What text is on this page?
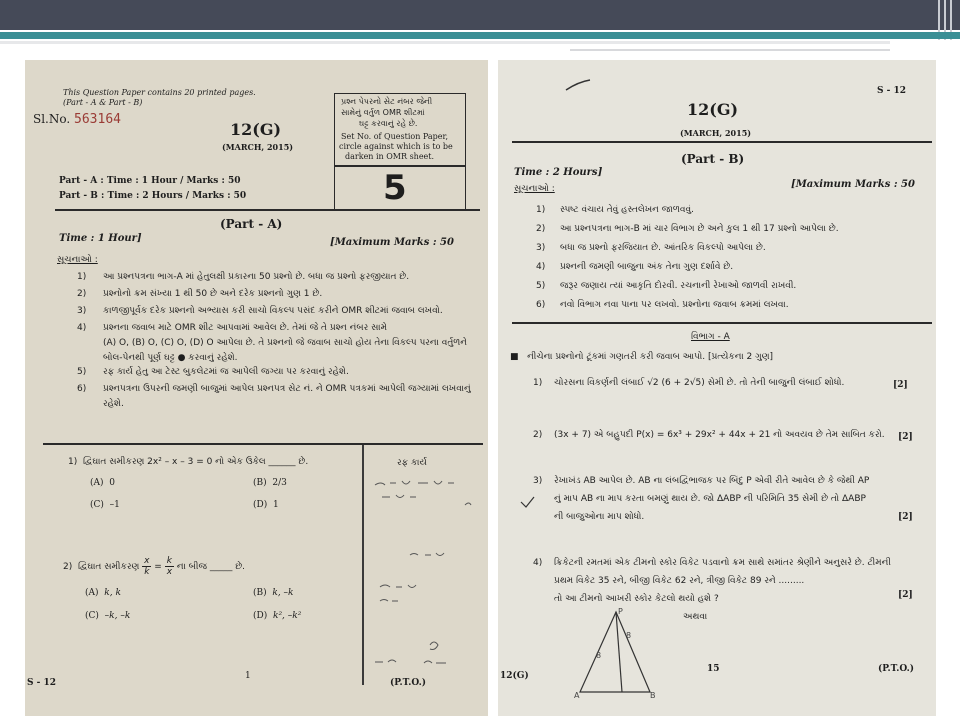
This Question Paper contains 20 printed pages.
(Part - A & Part - B)
Sl.No. 563164
12(G)
(MARCH, 2015)
પ્રશ્ન પેપરનો સેટ નંબર જેની
સામેનું વર્તુળ OMR શીટમાં
ઘટ્ટ કરવાનું રહે છે.
Set No. of Question Paper,
circle against which is to be
darken in OMR sheet.
5
Part - A : Time : 1 Hour / Marks : 50
Part - B : Time : 2 Hours / Marks : 50
(Part - A)
Time : 1 Hour]	[Maximum Marks : 50
સૂચનાઓ :
1) આ પ્રશ્નપત્રના ભાગ-A માં હેતુલક્ષી પ્રકારના 50 પ્રશ્નો છે. બધા જ પ્રશ્નો ફરજીયાત છે.
2) પ્રશ્નોનો ક્રમ સંખ્યા 1 થી 50 છે અને દરેક પ્રશ્નનો ગુણ 1 છે.
3) કાળજીપૂર્વક દરેક પ્રશ્નનો અભ્યાસ કરી સાચો વિકલ્પ પસંદ કરીને OMR શીટમાં જવાબ લખવો.
4) પ્રશ્નના જવાબ માટે OMR શીટ આપવામાં આવેલ છે. તેમાં જે તે પ્રશ્ન નંબર સામે
(A) O, (B) O, (C) O, (D) O આપેલા છે. તે પ્રશ્નનો જે જવાબ સાચો હોય તેના વિકલ્પ પરના વર્તુળને
બોલ-પેનથી પૂર્ણ ઘટ્ટ ● કરવાનું રહેશે.
5) રફ કાર્ય હેતુ આ ટેસ્ટ બુકલેટમાં જ આપેલી જગ્યા પર કરવાનું રહેશે.
6) પ્રશ્નપત્રના ઉપરની જમણી બાજુમાં આપેલ પ્રશ્નપત્ર સેટ નં. ને OMR પત્રકમાં આપેલી જગ્યામાં લખવાનું
રહેશે.
રફ કાર્ય
1) દ્વિઘાત સમીકરણ 2x² – x – 3 = 0 નો એક ઉકેલ ______ છે.
(A) 0	(B) 2/3
(C) –1	(D) 1
2) દ્વિઘાત સમીકરણ x
k = k
x ના બીજ _____ છે.
(A) k, k	(B) k, –k
(C) –k, –k	(D) k², –k²
S - 12
1
(P.T.O.)
S - 12
12(G)
(MARCH, 2015)
(Part - B)
Time : 2 Hours]
[Maximum Marks : 50
સૂચનાઓ :
1) સ્પષ્ટ વંચાય તેવું હસ્તલેખન જાળવવું.
2) આ પ્રશ્નપત્રના ભાગ-B માં ચાર વિભાગ છે અને કુલ 1 થી 17 પ્રશ્નો આપેલા છે.
3) બધા જ પ્રશ્નો ફરજિયાત છે. આંતરિક વિકલ્પો આપેલા છે.
4) પ્રશ્નની જમણી બાજુના અંક તેના ગુણ દર્શાવે છે.
5) જરૂર જણાય ત્યાં આકૃતિ દોરવી. રચનાની રેખાઓ જાળવી રાખવી.
6) નવો વિભાગ નવા પાના પર લખવો. પ્રશ્નોના જવાબ ક્રમમાં લખવા.
વિભાગ - A
■   નીચેના પ્રશ્નોનો ટૂંકમાં ગણતરી કરી જવાબ આપો. [પ્રત્યેકના 2 ગુણ]
1) ચોરસના વિકર્ણની લંબાઈ √2 (6 + 2√5) સેમી છે. તો તેની બાજુની લંબાઈ શોધો.	[2]
2) (3x + 7) એ બહુપદી P(x) = 6x³ + 29x² + 44x + 21 નો અવયવ છે તેમ સાબિત કરો. [2]
3) રેખાખંડ AB આપેલ છે. AB ના લંબદ્વિભાજક પર બિંદુ P એવી રીતે આવેલ છે કે જેથી AP
નું માપ AB ના માપ કરતા બમણું થાય છે. જો ΔABP ની પરિમિતિ 35 સેમી છે તો ΔABP
ની બાજુઓના માપ શોધો.	[2]
4) ક્રિકેટની રમતમાં એક ટીમનો સ્કોર વિકેટ પડવાનો ક્રમ સાથે સમાંતર શ્રેણીને અનુસરે છે. ટીમની
પ્રથમ વિકેટ 35 રને, બીજી વિકેટ 62 રને, ત્રીજી વિકેટ 89 રને .........
તો આ ટીમનો આખરી સ્કોર કેટલો થયો હશે ?	[2]
અથવા
P
A	B
8
8
12(G)
15	(P.T.O.)
